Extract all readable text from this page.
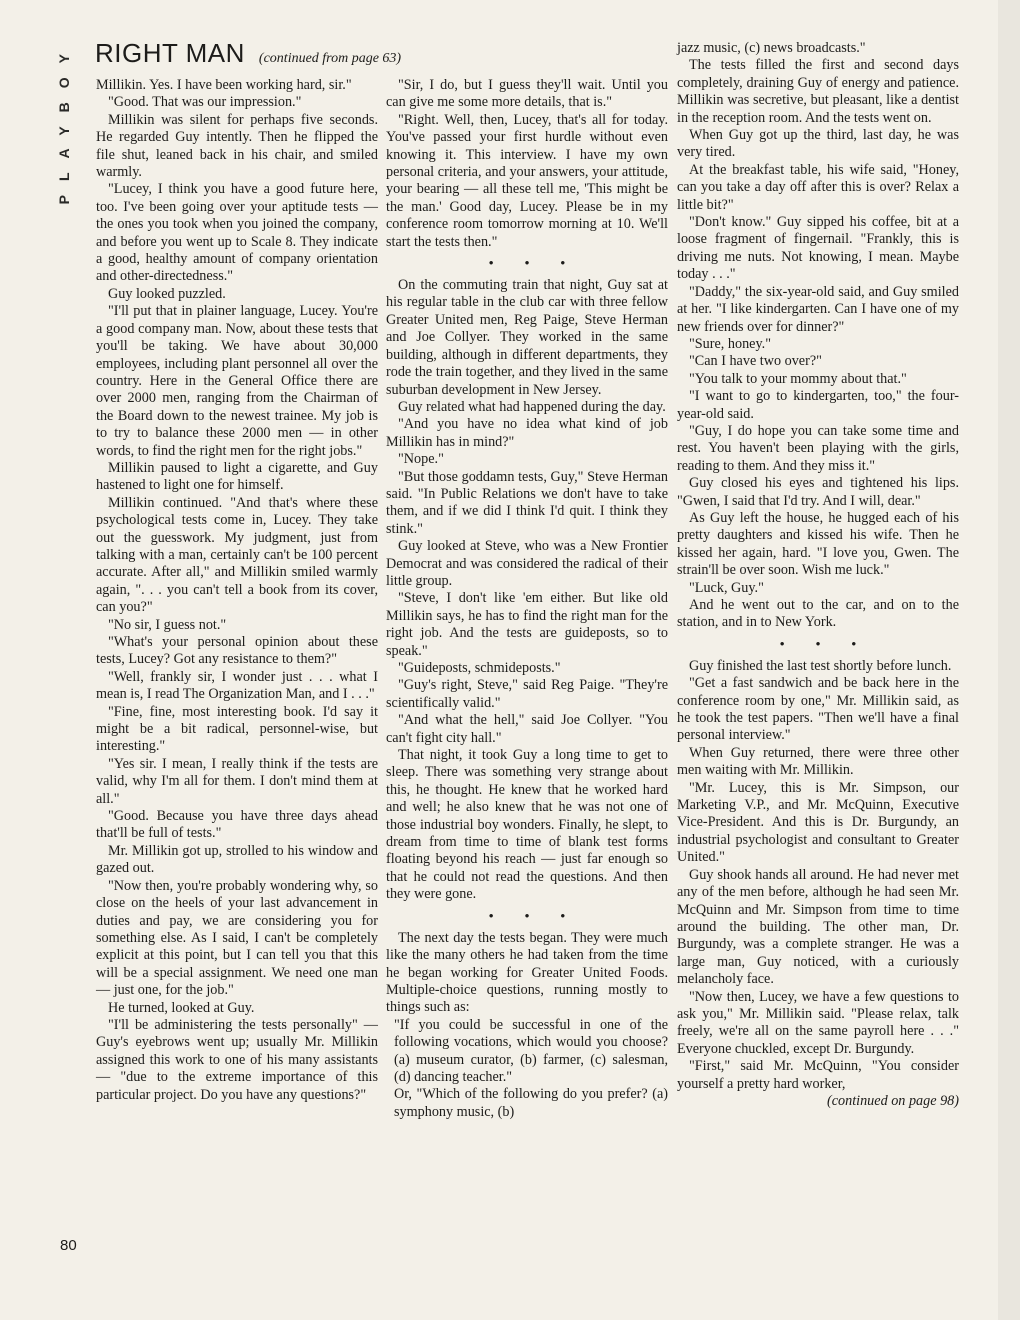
PLAYBOY RIGHT MAN (continued from page 63)

Millikin. Yes. I have been working hard, sir."

"Good. That was our impression."

Millikin was silent for perhaps five seconds. He regarded Guy intently. Then he flipped the file shut, leaned back in his chair, and smiled warmly.

"Lucey, I think you have a good future here, too. I've been going over your aptitude tests — the ones you took when you joined the company, and before you went up to Scale 8. They indicate a good, healthy amount of company orientation and other-directedness."

Guy looked puzzled.

"I'll put that in plainer language, Lucey. You're a good company man. Now, about these tests that you'll be taking. We have about 30,000 employees, including plant personnel all over the country. Here in the General Office there are over 2000 men, ranging from the Chairman of the Board down to the newest trainee. My job is to try to balance these 2000 men — in other words, to find the right men for the right jobs."

Millikin paused to light a cigarette, and Guy hastened to light one for himself.

Millikin continued. "And that's where these psychological tests come in, Lucey. They take out the guesswork. My judgment, just from talking with a man, certainly can't be 100 percent accurate. After all," and Millikin smiled warmly again, ". . . you can't tell a book from its cover, can you?"

"No sir, I guess not."

"What's your personal opinion about these tests, Lucey? Got any resistance to them?"

"Well, frankly sir, I wonder just . . . what I mean is, I read The Organization Man, and I . . ."

"Fine, fine, most interesting book. I'd say it might be a bit radical, personnel-wise, but interesting."

"Yes sir. I mean, I really think if the tests are valid, why I'm all for them. I don't mind them at all."

"Good. Because you have three days ahead that'll be full of tests."

Mr. Millikin got up, strolled to his window and gazed out.

"Now then, you're probably wondering why, so close on the heels of your last advancement in duties and pay, we are considering you for something else. As I said, I can't be completely explicit at this point, but I can tell you that this will be a special assignment. We need one man — just one, for the job."

He turned, looked at Guy.

"I'll be administering the tests personally" — Guy's eyebrows went up; usually Mr. Millikin assigned this work to one of his many assistants — "due to the extreme importance of this particular project. Do you have any questions?"

"Sir, I do, but I guess they'll wait. Until you can give me some more details, that is."

"Right. Well, then, Lucey, that's all for today. You've passed your first hurdle without even knowing it. This interview. I have my own personal criteria, and your answers, your attitude, your bearing — all these tell me, 'This might be the man.' Good day, Lucey. Please be in my conference room tomorrow morning at 10. We'll start the tests then."

• • •

On the commuting train that night, Guy sat at his regular table in the club car with three fellow Greater United men, Reg Paige, Steve Herman and Joe Collyer. They worked in the same building, although in different departments, they rode the train together, and they lived in the same suburban development in New Jersey.

Guy related what had happened during the day.

"And you have no idea what kind of job Millikin has in mind?"

"Nope."

"But those goddamn tests, Guy," Steve Herman said. "In Public Relations we don't have to take them, and if we did I think I'd quit. I think they stink."

Guy looked at Steve, who was a New Frontier Democrat and was considered the radical of their little group.

"Steve, I don't like 'em either. But like old Millikin says, he has to find the right man for the right job. And the tests are guideposts, so to speak."

"Guideposts, schmideposts."

"Guy's right, Steve," said Reg Paige. "They're scientifically valid."

"And what the hell," said Joe Collyer. "You can't fight city hall."

That night, it took Guy a long time to get to sleep. There was something very strange about this, he thought. He knew that he worked hard and well; he also knew that he was not one of those industrial boy wonders. Finally, he slept, to dream from time to time of blank test forms floating beyond his reach — just far enough so that he could not read the questions. And then they were gone.

• • •

The next day the tests began. They were much like the many others he had taken from the time he began working for Greater United Foods. Multiple-choice questions, running mostly to things such as:

"If you could be successful in one of the following vocations, which would you choose? (a) museum curator, (b) farmer, (c) salesman, (d) dancing teacher."

Or, "Which of the following do you prefer? (a) symphony music, (b)

jazz music, (c) news broadcasts."

The tests filled the first and second days completely, draining Guy of energy and patience. Millikin was secretive, but pleasant, like a dentist in the reception room. And the tests went on.

When Guy got up the third, last day, he was very tired.

At the breakfast table, his wife said, "Honey, can you take a day off after this is over? Relax a little bit?"

"Don't know." Guy sipped his coffee, bit at a loose fragment of fingernail. "Frankly, this is driving me nuts. Not knowing, I mean. Maybe today . . ."

"Daddy," the six-year-old said, and Guy smiled at her. "I like kindergarten. Can I have one of my new friends over for dinner?"

"Sure, honey."

"Can I have two over?"

"You talk to your mommy about that."

"I want to go to kindergarten, too," the four-year-old said.

"Guy, I do hope you can take some time and rest. You haven't been playing with the girls, reading to them. And they miss it."

Guy closed his eyes and tightened his lips. "Gwen, I said that I'd try. And I will, dear."

As Guy left the house, he hugged each of his pretty daughters and kissed his wife. Then he kissed her again, hard. "I love you, Gwen. The strain'll be over soon. Wish me luck."

"Luck, Guy."

And he went out to the car, and on to the station, and in to New York.

• • •

Guy finished the last test shortly before lunch.

"Get a fast sandwich and be back here in the conference room by one," Mr. Millikin said, as he took the test papers. "Then we'll have a final personal interview."

When Guy returned, there were three other men waiting with Mr. Millikin.

"Mr. Lucey, this is Mr. Simpson, our Marketing V.P., and Mr. McQuinn, Executive Vice-President. And this is Dr. Burgundy, an industrial psychologist and consultant to Greater United."

Guy shook hands all around. He had never met any of the men before, although he had seen Mr. McQuinn and Mr. Simpson from time to time around the building. The other man, Dr. Burgundy, was a complete stranger. He was a large man, Guy noticed, with a curiously melancholy face.

"Now then, Lucey, we have a few questions to ask you," Mr. Millikin said. "Please relax, talk freely, we're all on the same payroll here . . ." Everyone chuckled, except Dr. Burgundy.

"First," said Mr. McQuinn, "You consider yourself a pretty hard worker,

(continued on page 98)

80
